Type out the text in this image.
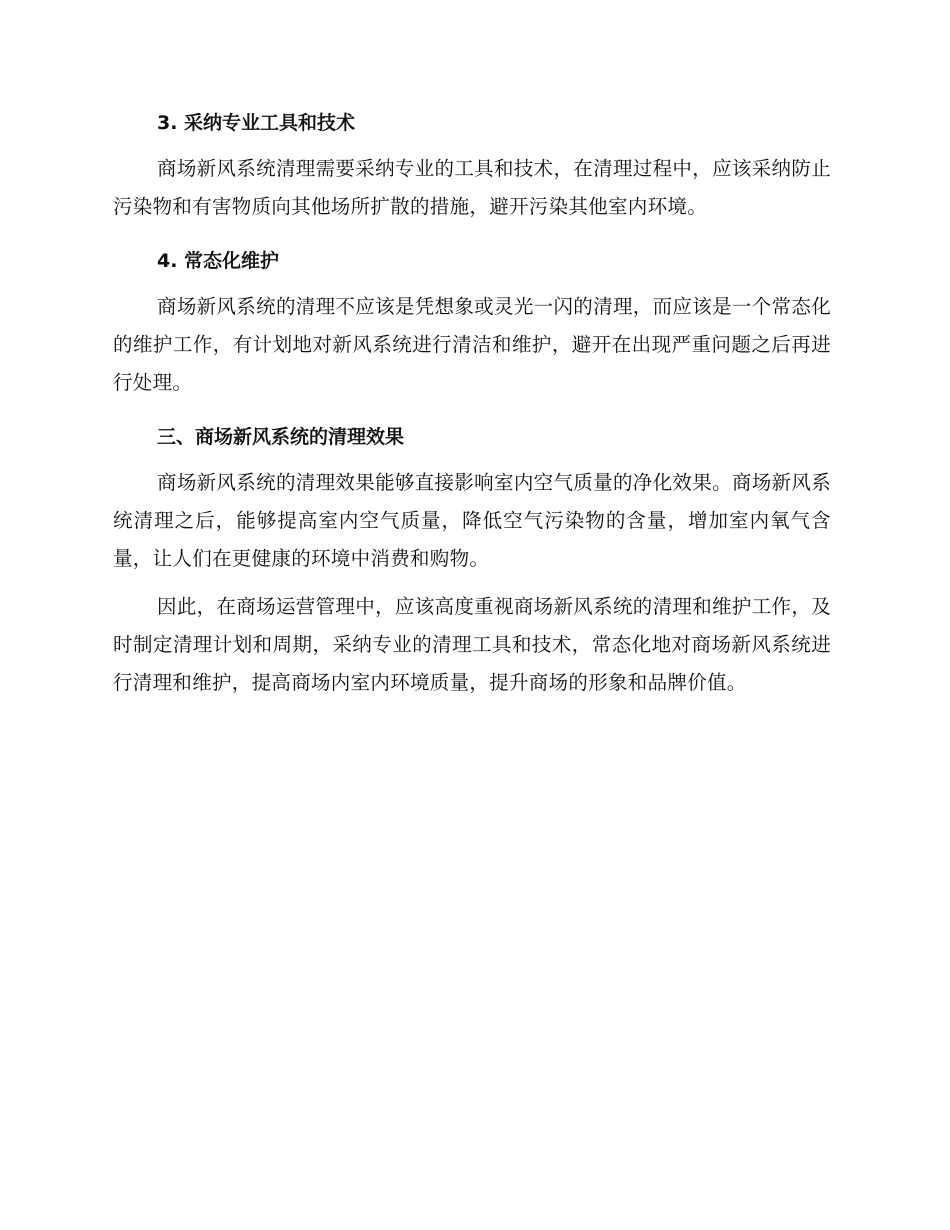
3. 采纳专业工具和技术

商场新风系统清理需要采纳专业的工具和技术，在清理过程中，应该采纳防止污染物和有害物质向其他场所扩散的措施，避开污染其他室内环境。

4. 常态化维护

商场新风系统的清理不应该是凭想象或灵光一闪的清理，而应该是一个常态化的维护工作，有计划地对新风系统进行清洁和维护，避开在出现严重问题之后再进行处理。

三、商场新风系统的清理效果

商场新风系统的清理效果能够直接影响室内空气质量的净化效果。商场新风系统清理之后，能够提高室内空气质量，降低空气污染物的含量，增加室内氧气含量，让人们在更健康的环境中消费和购物。

因此，在商场运营管理中，应该高度重视商场新风系统的清理和维护工作，及时制定清理计划和周期，采纳专业的清理工具和技术，常态化地对商场新风系统进行清理和维护，提高商场内室内环境质量，提升商场的形象和品牌价值。
